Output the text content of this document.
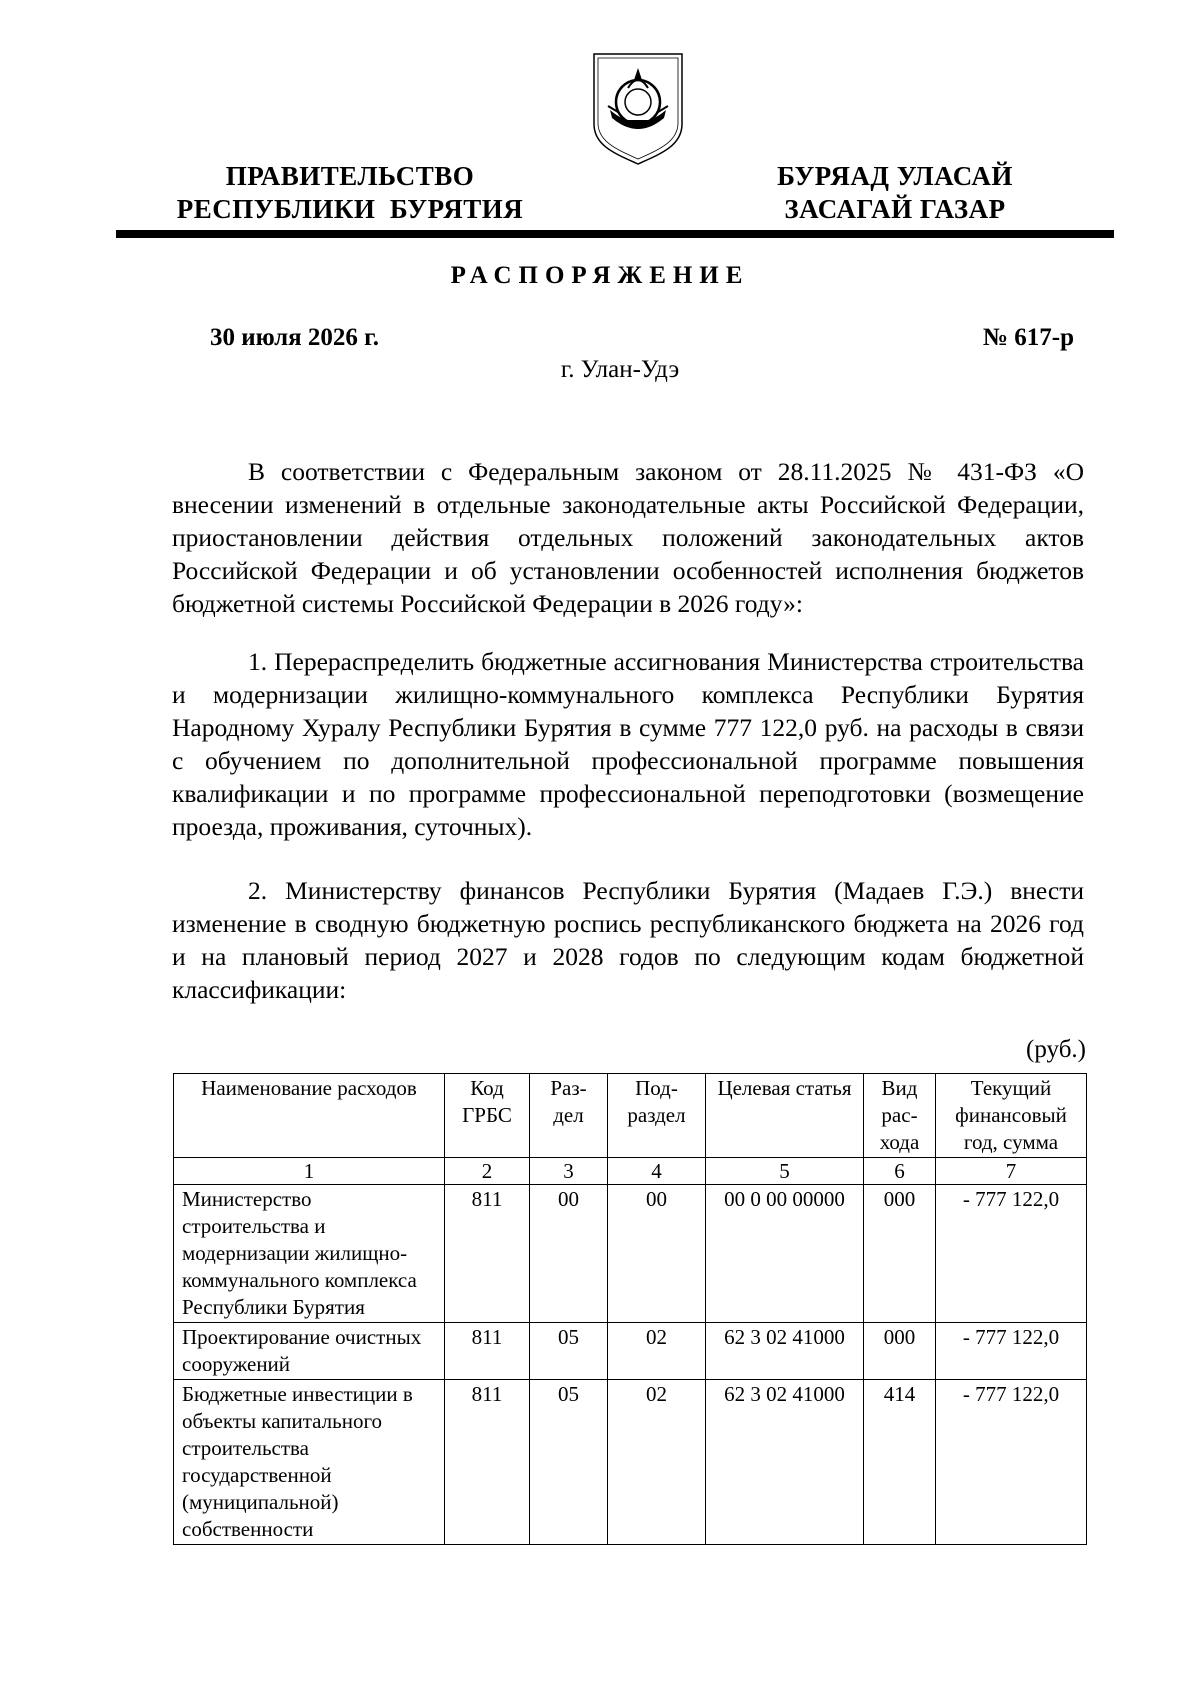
ПРАВИТЕЛЬСТВО
РЕСПУБЛИКИ  БУРЯТИЯ
БУРЯАД УЛАСАЙ
ЗАСАГАЙ ГАЗАР
РАСПОРЯЖЕНИЕ
30 июля 2026 г.	№ 617-р
г. Улан-Удэ

В соответствии с Федеральным законом от 28.11.2025 № 431-ФЗ «О внесении изменений в отдельные законодательные акты Российской Федерации, приостановлении действия отдельных положений законодательных актов Российской Федерации и об установлении особенностей исполнения бюджетов бюджетной системы Российской Федерации в 2026 году»:

1. Перераспределить бюджетные ассигнования Министерства строительства и модернизации жилищно-коммунального комплекса Республики Бурятия Народному Хуралу Республики Бурятия в сумме 777 122,0 руб. на расходы в связи с обучением по дополнительной профессиональной программе повышения квалификации и по программе профессиональной переподготовки (возмещение проезда, проживания, суточных).

2. Министерству финансов Республики Бурятия (Мадаев Г.Э.) внести изменение в сводную бюджетную роспись республиканского бюджета на 2026 год и на плановый период 2027 и 2028 годов по следующим кодам бюджетной классификации:

(руб.)
Наименование расходов	Код ГРБС	Раз-дел	Под-раздел	Целевая статья	Вид рас-хода	Текущий финансовый год, сумма
1	2	3	4	5	6	7
Министерство строительства и модернизации жилищно-коммунального комплекса Республики Бурятия	811	00	00	00 0 00 00000	000	- 777 122,0
Проектирование очистных сооружений	811	05	02	62 3 02 41000	000	- 777 122,0
Бюджетные инвестиции в объекты капитального строительства государственной (муниципальной) собственности	811	05	02	62 3 02 41000	414	- 777 122,0
